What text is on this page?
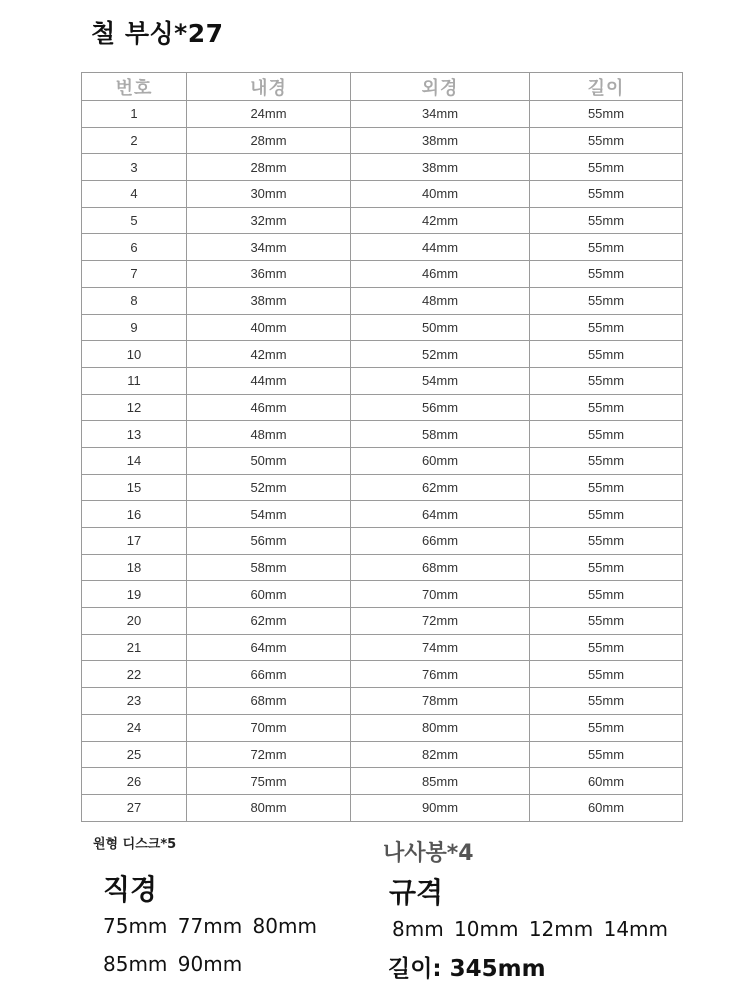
철 부싱*27
번호	내경	외경	길이
1	24mm	34mm	55mm
2	28mm	38mm	55mm
3	28mm	38mm	55mm
4	30mm	40mm	55mm
5	32mm	42mm	55mm
6	34mm	44mm	55mm
7	36mm	46mm	55mm
8	38mm	48mm	55mm
9	40mm	50mm	55mm
10	42mm	52mm	55mm
11	44mm	54mm	55mm
12	46mm	56mm	55mm
13	48mm	58mm	55mm
14	50mm	60mm	55mm
15	52mm	62mm	55mm
16	54mm	64mm	55mm
17	56mm	66mm	55mm
18	58mm	68mm	55mm
19	60mm	70mm	55mm
20	62mm	72mm	55mm
21	64mm	74mm	55mm
22	66mm	76mm	55mm
23	68mm	78mm	55mm
24	70mm	80mm	55mm
25	72mm	82mm	55mm
26	75mm	85mm	60mm
27	80mm	90mm	60mm
원형 디스크*5
직경
75mm 77mm 80mm
85mm 90mm
나사봉*4
규격
8mm 10mm 12mm 14mm
길이: 345mm
